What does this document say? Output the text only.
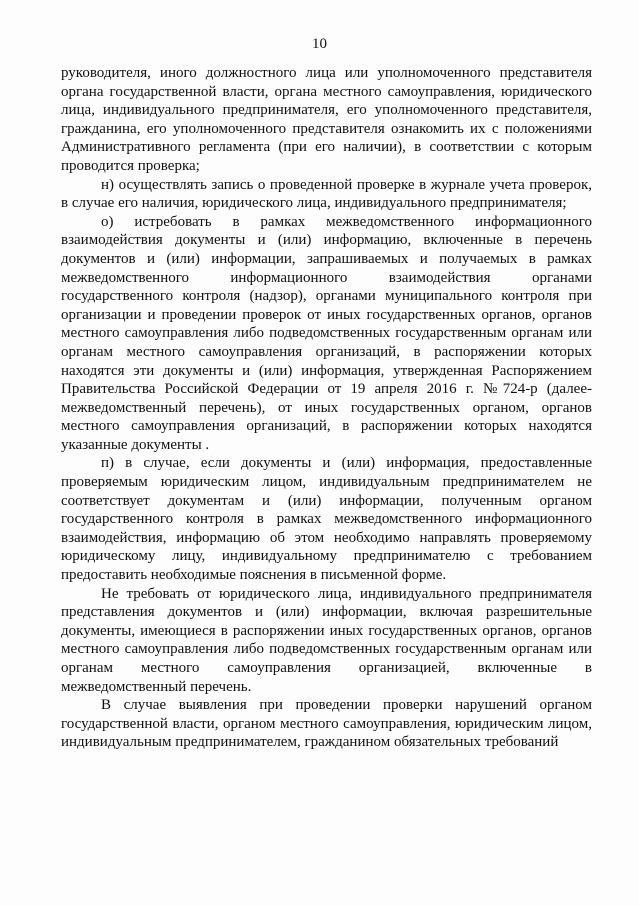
10

руководителя, иного должностного лица или уполномоченного представителя органа государственной власти, органа местного самоуправления, юридического лица, индивидуального предпринимателя, его уполномоченного представителя, гражданина, его уполномоченного представителя ознакомить их с положениями Административного регламента (при его наличии), в соответствии с которым проводится проверка;

н) осуществлять запись о проведенной проверке в журнале учета проверок, в случае его наличия, юридического лица, индивидуального предпринимателя;

о) истребовать в рамках межведомственного информационного взаимодействия документы и (или) информацию, включенные в перечень документов и (или) информации, запрашиваемых и получаемых в рамках межведомственного информационного взаимодействия органами государственного контроля (надзор), органами муниципального контроля при организации и проведении проверок от иных государственных органов, органов местного самоуправления либо подведомственных государственным органам или органам местного самоуправления организаций, в распоряжении которых находятся эти документы и (или) информация, утвержденная Распоряжением Правительства Российской Федерации от 19 апреля 2016 г. №724-р (далее- межведомственный перечень), от иных государственных органом, органов местного самоуправления организаций, в распоряжении которых находятся указанные документы .

п) в случае, если документы и (или) информация, предоставленные проверяемым юридическим лицом, индивидуальным предпринимателем не соответствует документам и (или) информации, полученным органом государственного контроля в рамках межведомственного информационного взаимодействия, информацию об этом необходимо направлять проверяемому юридическому лицу, индивидуальному предпринимателю с требованием предоставить необходимые пояснения в письменной форме.

Не требовать от юридического лица, индивидуального предпринимателя представления документов и (или) информации, включая разрешительные документы, имеющиеся в распоряжении иных государственных органов, органов местного самоуправления либо подведомственных государственным органам или органам местного самоуправления организацией, включенные в межведомственный перечень.

В случае выявления при проведении проверки нарушений органом государственной власти, органом местного самоуправления, юридическим лицом, индивидуальным предпринимателем, гражданином обязательных требований
